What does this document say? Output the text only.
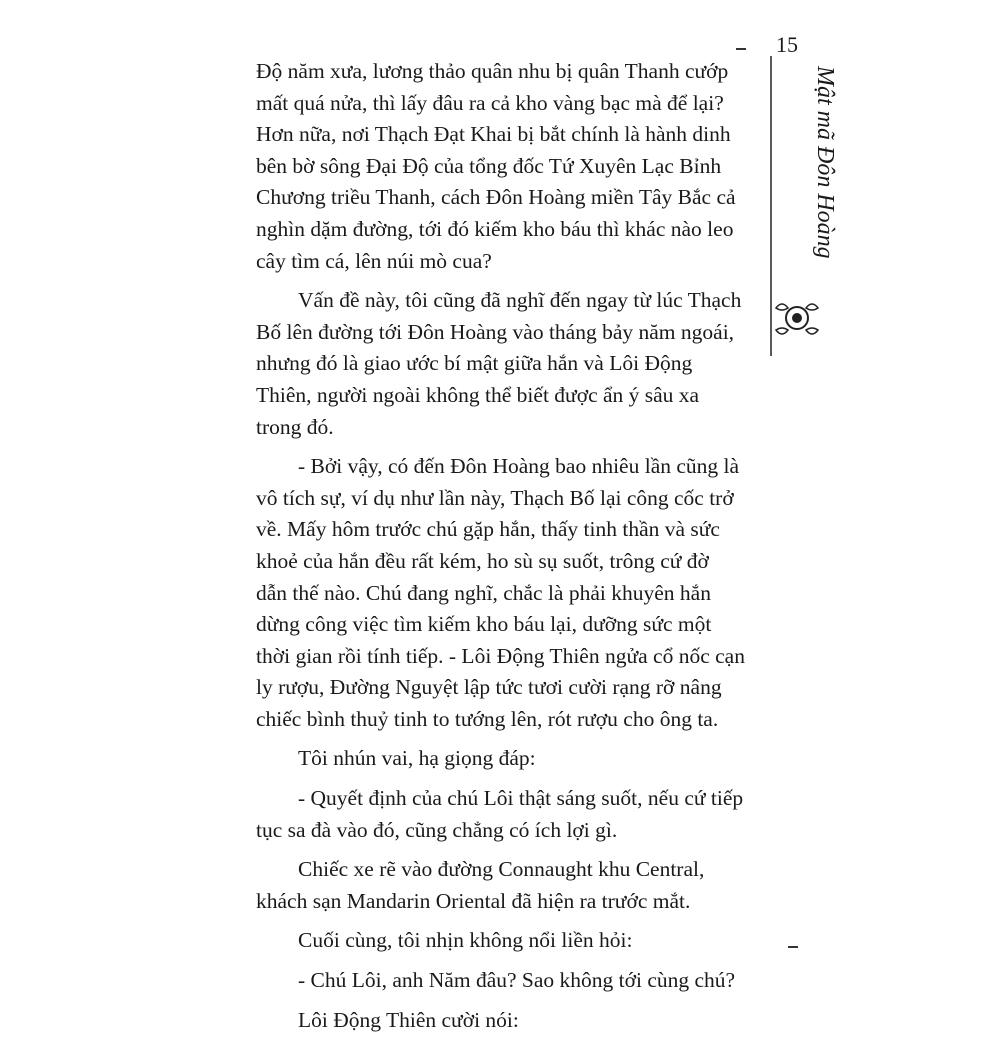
15
Mật mã Đôn Hoàng

Độ năm xưa, lương thảo quân nhu bị quân Thanh cướp
mất quá nửa, thì lấy đâu ra cả kho vàng bạc mà để lại?
Hơn nữa, nơi Thạch Đạt Khai bị bắt chính là hành dinh
bên bờ sông Đại Độ của tổng đốc Tứ Xuyên Lạc Bỉnh
Chương triều Thanh, cách Đôn Hoàng miền Tây Bắc cả
nghìn dặm đường, tới đó kiếm kho báu thì khác nào leo
cây tìm cá, lên núi mò cua?

Vấn đề này, tôi cũng đã nghĩ đến ngay từ lúc Thạch
Bố lên đường tới Đôn Hoàng vào tháng bảy năm ngoái,
nhưng đó là giao ước bí mật giữa hắn và Lôi Động
Thiên, người ngoài không thể biết được ẩn ý sâu xa
trong đó.

- Bởi vậy, có đến Đôn Hoàng bao nhiêu lần cũng là
vô tích sự, ví dụ như lần này, Thạch Bố lại công cốc trở
về. Mấy hôm trước chú gặp hắn, thấy tinh thần và sức
khoẻ của hắn đều rất kém, ho sù sụ suốt, trông cứ đờ
dẫn thế nào. Chú đang nghĩ, chắc là phải khuyên hắn
dừng công việc tìm kiếm kho báu lại, dưỡng sức một
thời gian rồi tính tiếp. - Lôi Động Thiên ngửa cổ nốc cạn
ly rượu, Đường Nguyệt lập tức tươi cười rạng rỡ nâng
chiếc bình thuỷ tinh to tướng lên, rót rượu cho ông ta.

Tôi nhún vai, hạ giọng đáp:

- Quyết định của chú Lôi thật sáng suốt, nếu cứ tiếp
tục sa đà vào đó, cũng chẳng có ích lợi gì.

Chiếc xe rẽ vào đường Connaught khu Central,
khách sạn Mandarin Oriental đã hiện ra trước mắt.

Cuối cùng, tôi nhịn không nổi liền hỏi:

- Chú Lôi, anh Năm đâu? Sao không tới cùng chú?

Lôi Động Thiên cười nói:
